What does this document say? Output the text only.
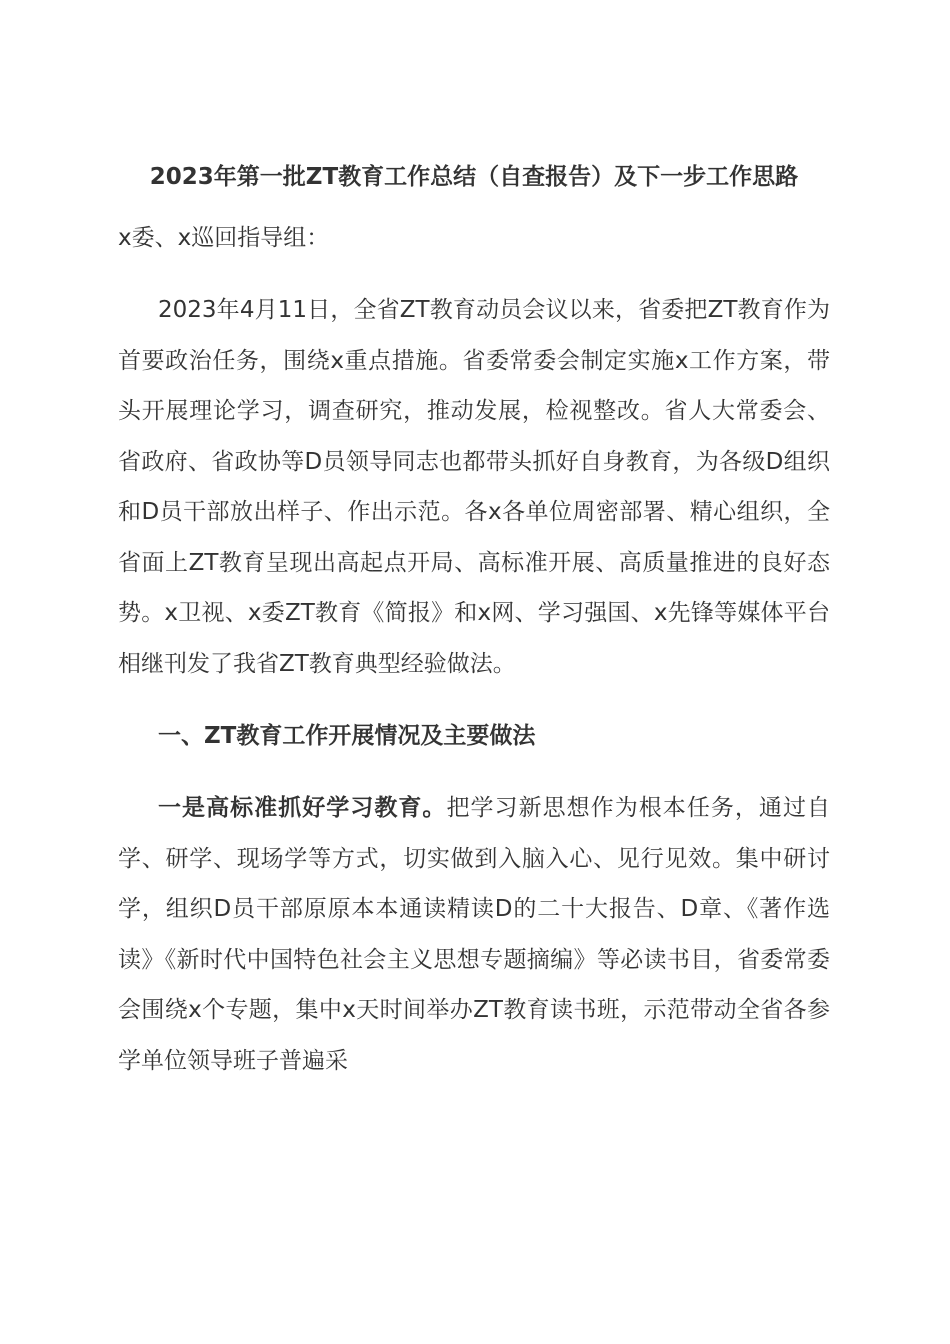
2023年第一批ZT教育工作总结（自查报告）及下一步工作思路

x委、x巡回指导组：

2023年4月11日，全省ZT教育动员会议以来，省委把ZT教育作为首要政治任务，围绕x重点措施。省委常委会制定实施x工作方案，带头开展理论学习，调查研究，推动发展，检视整改。省人大常委会、省政府、省政协等D员领导同志也都带头抓好自身教育，为各级D组织和D员干部放出样子、作出示范。各x各单位周密部署、精心组织，全省面上ZT教育呈现出高起点开局、高标准开展、高质量推进的良好态势。x卫视、x委ZT教育《简报》和x网、学习强国、x先锋等媒体平台相继刊发了我省ZT教育典型经验做法。

一、ZT教育工作开展情况及主要做法

一是高标准抓好学习教育。把学习新思想作为根本任务，通过自学、研学、现场学等方式，切实做到入脑入心、见行见效。集中研讨学，组织D员干部原原本本通读精读D的二十大报告、D章、《著作选读》《新时代中国特色社会主义思想专题摘编》等必读书目，省委常委会围绕x个专题，集中x天时间举办ZT教育读书班，示范带动全省各参学单位领导班子普遍采
